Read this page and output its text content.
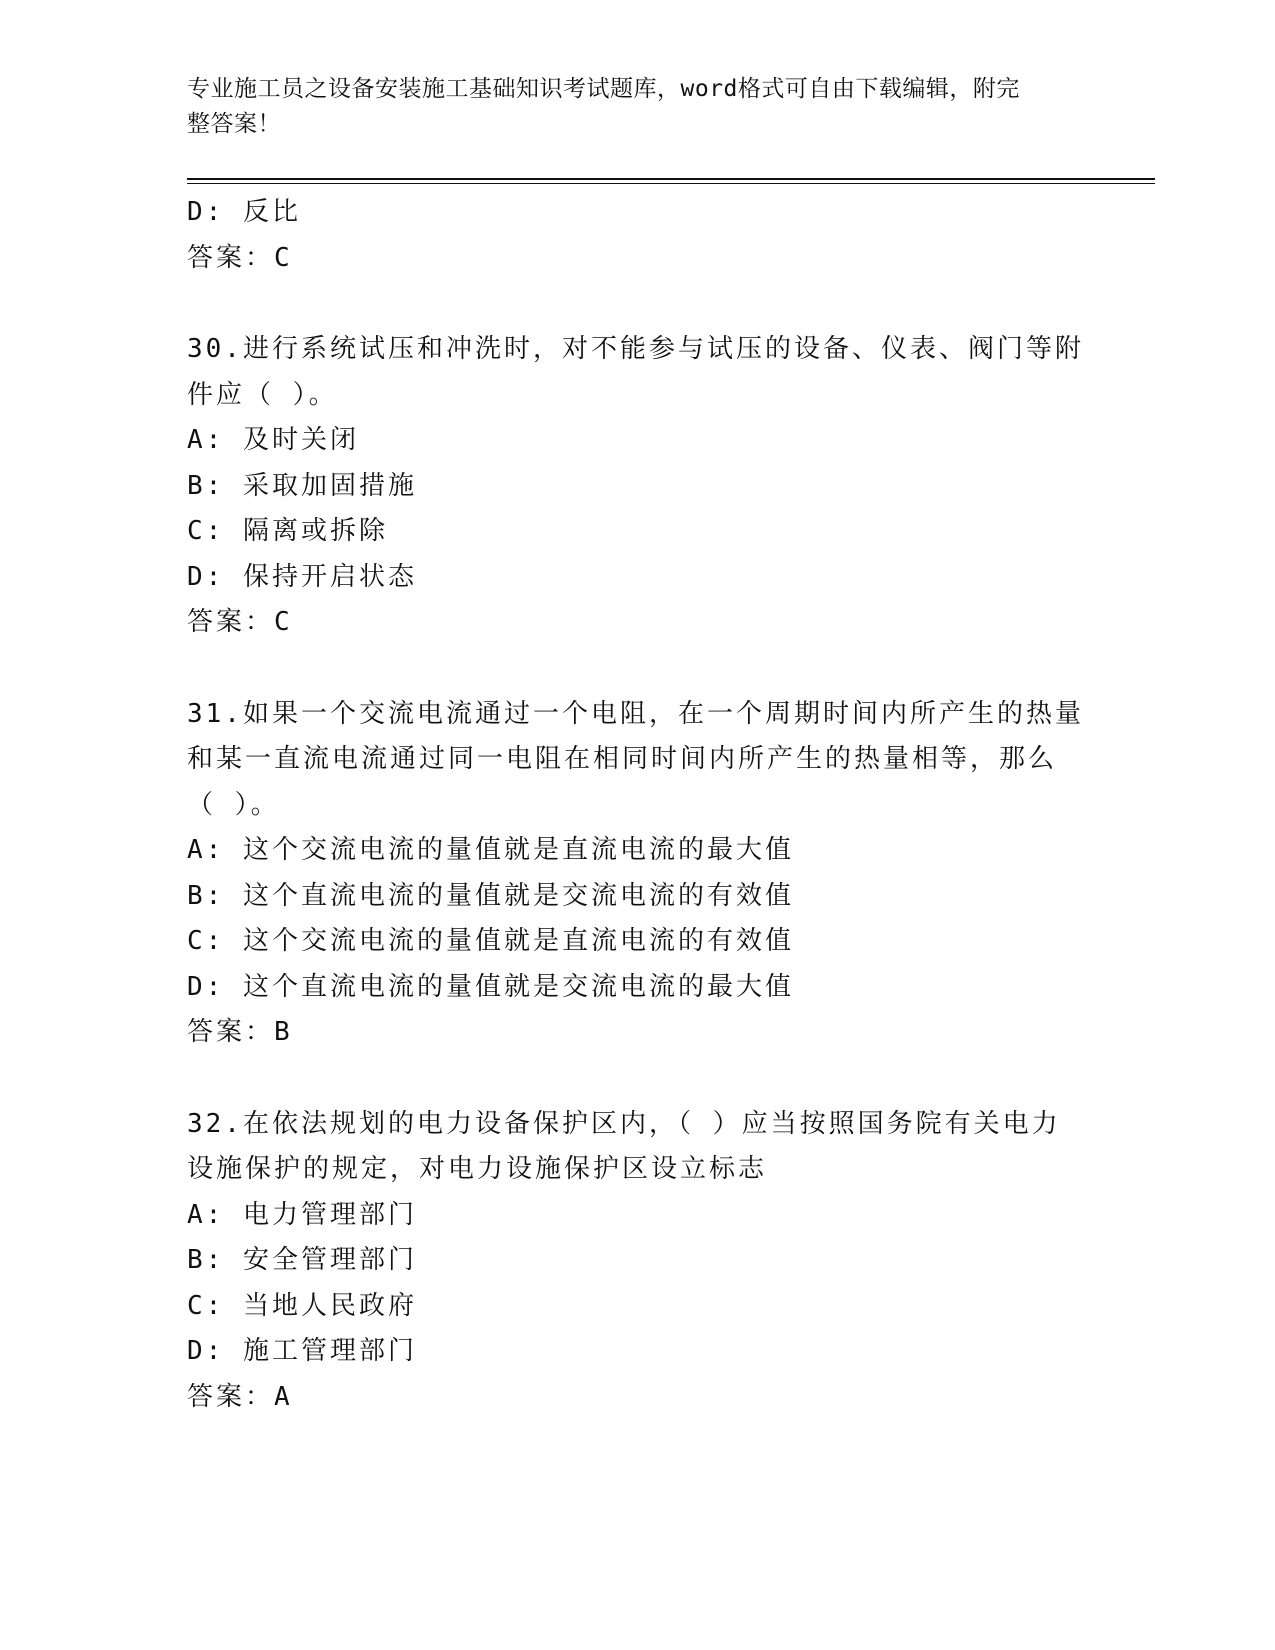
专业施工员之设备安装施工基础知识考试题库，word格式可自由下载编辑，附完
整答案！
D: 反比
答案：C
30.进行系统试压和冲洗时，对不能参与试压的设备、仪表、阀门等附
件应（ ）。
A: 及时关闭
B: 采取加固措施
C: 隔离或拆除
D: 保持开启状态
答案：C
31.如果一个交流电流通过一个电阻，在一个周期时间内所产生的热量
和某一直流电流通过同一电阻在相同时间内所产生的热量相等，那么
（ ）。
A: 这个交流电流的量值就是直流电流的最大值
B: 这个直流电流的量值就是交流电流的有效值
C: 这个交流电流的量值就是直流电流的有效值
D: 这个直流电流的量值就是交流电流的最大值
答案：B
32.在依法规划的电力设备保护区内，（ ）应当按照国务院有关电力
设施保护的规定，对电力设施保护区设立标志
A: 电力管理部门
B: 安全管理部门
C: 当地人民政府
D: 施工管理部门
答案：A
